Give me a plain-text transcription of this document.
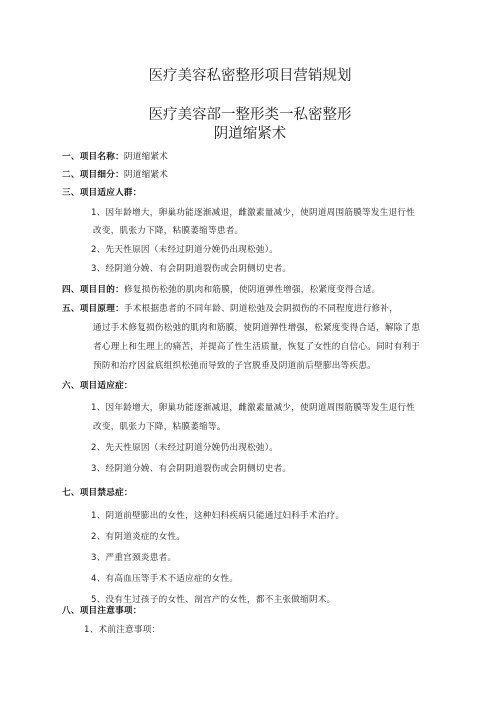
医疗美容私密整形项目营销规划
医疗美容部一整形类一私密整形
阴道缩紧术
一、项目名称：阴道缩紧术
二、项目细分：阴道缩紧术
三、项目适应人群：
1、因年龄增大，卵巢功能逐渐减退，雌激素量减少，使阴道周围筋膜等发生退行性
改变，肌张力下降，粘膜萎缩等患者。
2、先天性原因（未经过阴道分娩仍出现松弛）。
3、经阴道分娩、有会阴阴道裂伤或会阴侧切史者。
四、项目目的：修复损伤松弛的肌肉和筋膜，使阴道弹性增强，松紧度变得合适。
五、项目原理：手术根据患者的不同年龄、阴道松弛及会阴损伤的不同程度进行修补，
通过手术修复损伤松弛的肌肉和筋膜，使阴道弹性增强，松紧度变得合适，解除了患
者心理上和生理上的痛苦，并提高了性生活质量，恢复了女性的自信心。同时有利于
预防和治疗因盆底组织松弛而导致的子宫脱垂及阴道前后壁膨出等疾患。
六、项目适应症：
1、因年龄增大，卵巢功能逐渐减退，雌激素量减少，使阴道周围筋膜等发生退行性
改变，肌张力下降，粘膜萎缩等。
2、先天性原因（未经过阴道分娩仍出现松弛）。
3、经阴道分娩、有会阴阴道裂伤或会阴侧切史者。
七、项目禁忌症：
1、阴道前壁膨出的女性，这种妇科疾病只能通过妇科手术治疗。
2、有阴道炎症的女性。
3、严重宫颈炎患者。
4、有高血压等手术不适应症的女性。
5、没有生过孩子的女性、剖宫产的女性，都不主张做缩阴术。
八、项目注意事项：
1、术前注意事项：
